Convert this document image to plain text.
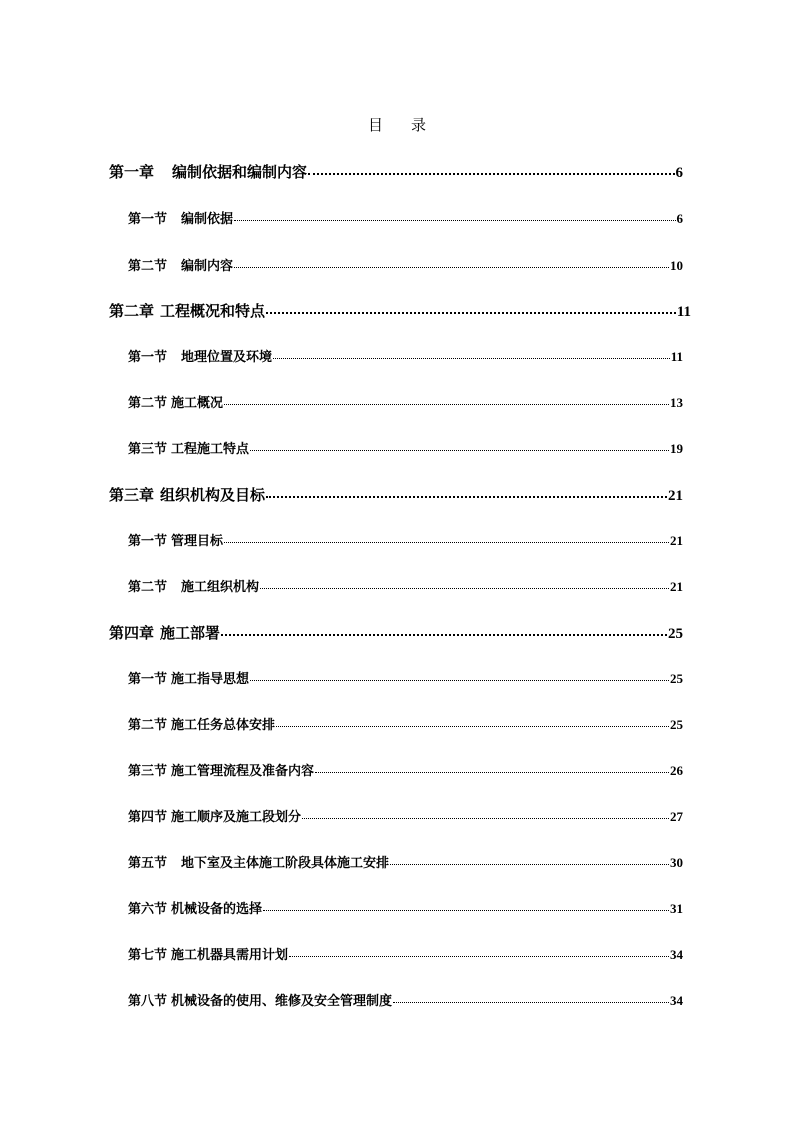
目 录
第一章 编制依据和编制内容	6
第一节 编制依据	6
第二节 编制内容	10
第二章 工程概况和特点	11
第一节 地理位置及环境	11
第二节 施工概况	13
第三节 工程施工特点	19
第三章 组织机构及目标	21
第一节 管理目标	21
第二节 施工组织机构	21
第四章 施工部署	25
第一节 施工指导思想	25
第二节 施工任务总体安排	25
第三节 施工管理流程及准备内容	26
第四节 施工顺序及施工段划分	27
第五节 地下室及主体施工阶段具体施工安排	30
第六节 机械设备的选择	31
第七节 施工机器具需用计划	34
第八节 机械设备的使用、维修及安全管理制度	34
